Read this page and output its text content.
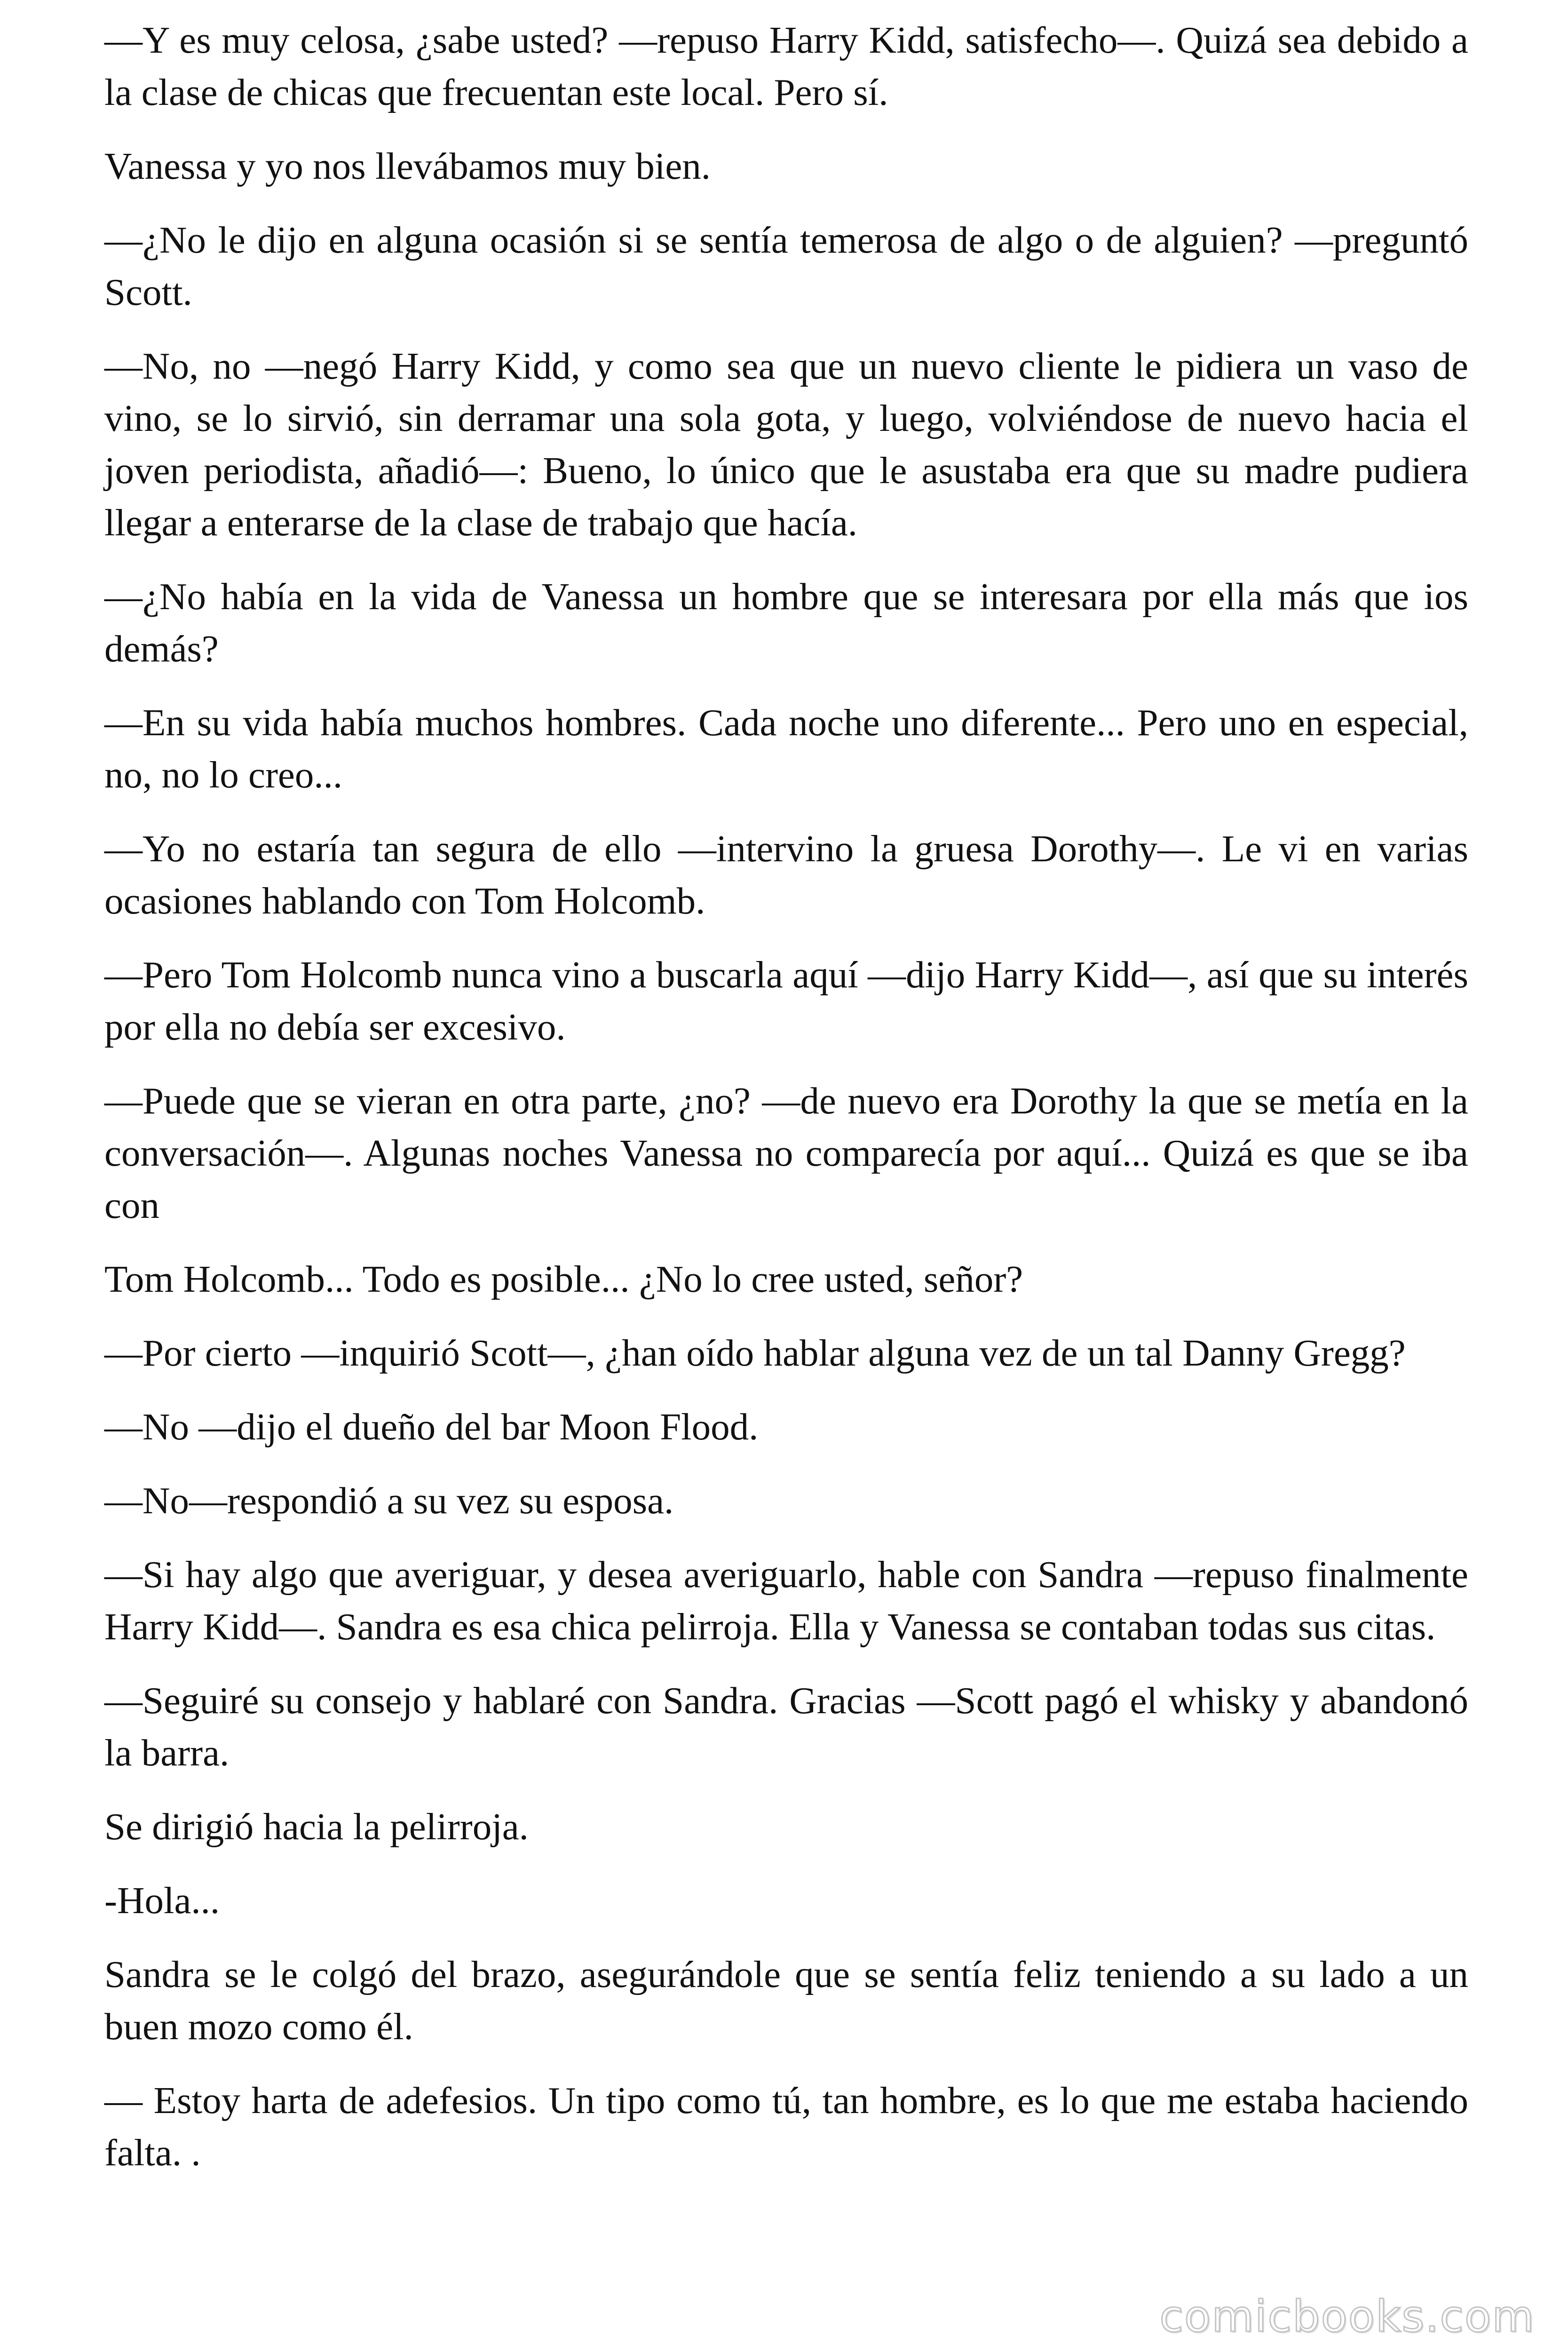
—Y es muy celosa, ¿sabe usted? —repuso Harry Kidd, satisfecho—. Quizá sea debido a la clase de chicas que frecuentan este local. Pero sí.

Vanessa y yo nos llevábamos muy bien.

—¿No le dijo en alguna ocasión si se sentía temerosa de algo o de alguien? —preguntó Scott.

—No, no —negó Harry Kidd, y como sea que un nuevo cliente le pidiera un vaso de vino, se lo sirvió, sin derramar una sola gota, y luego, volviéndose de nuevo hacia el joven periodista, añadió—: Bueno, lo único que le asustaba era que su madre pudiera llegar a enterarse de la clase de trabajo que hacía.

—¿No había en la vida de Vanessa un hombre que se interesara por ella más que ios demás?

—En su vida había muchos hombres. Cada noche uno diferente... Pero uno en especial, no, no lo creo...

—Yo no estaría tan segura de ello —intervino la gruesa Dorothy—. Le vi en varias ocasiones hablando con Tom Holcomb.

—Pero Tom Holcomb nunca vino a buscarla aquí —dijo Harry Kidd—, así que su interés por ella no debía ser excesivo.

—Puede que se vieran en otra parte, ¿no? —de nuevo era Dorothy la que se metía en la conversación—. Algunas noches Vanessa no comparecía por aquí... Quizá es que se iba con

Tom Holcomb... Todo es posible... ¿No lo cree usted, señor?

—Por cierto —inquirió Scott—, ¿han oído hablar alguna vez de un tal Danny Gregg?

—No —dijo el dueño del bar Moon Flood.

—No—respondió a su vez su esposa.

—Si hay algo que averiguar, y desea averiguarlo, hable con Sandra —repuso finalmente Harry Kidd—. Sandra es esa chica pelirroja. Ella y Vanessa se contaban todas sus citas.

—Seguiré su consejo y hablaré con Sandra. Gracias —Scott pagó el whisky y abandonó la barra.

Se dirigió hacia la pelirroja.

-Hola...

Sandra se le colgó del brazo, asegurándole que se sentía feliz teniendo a su lado a un buen mozo como él.

— Estoy harta de adefesios. Un tipo como tú, tan hombre, es lo que me estaba haciendo falta. .

comicbooks.com
